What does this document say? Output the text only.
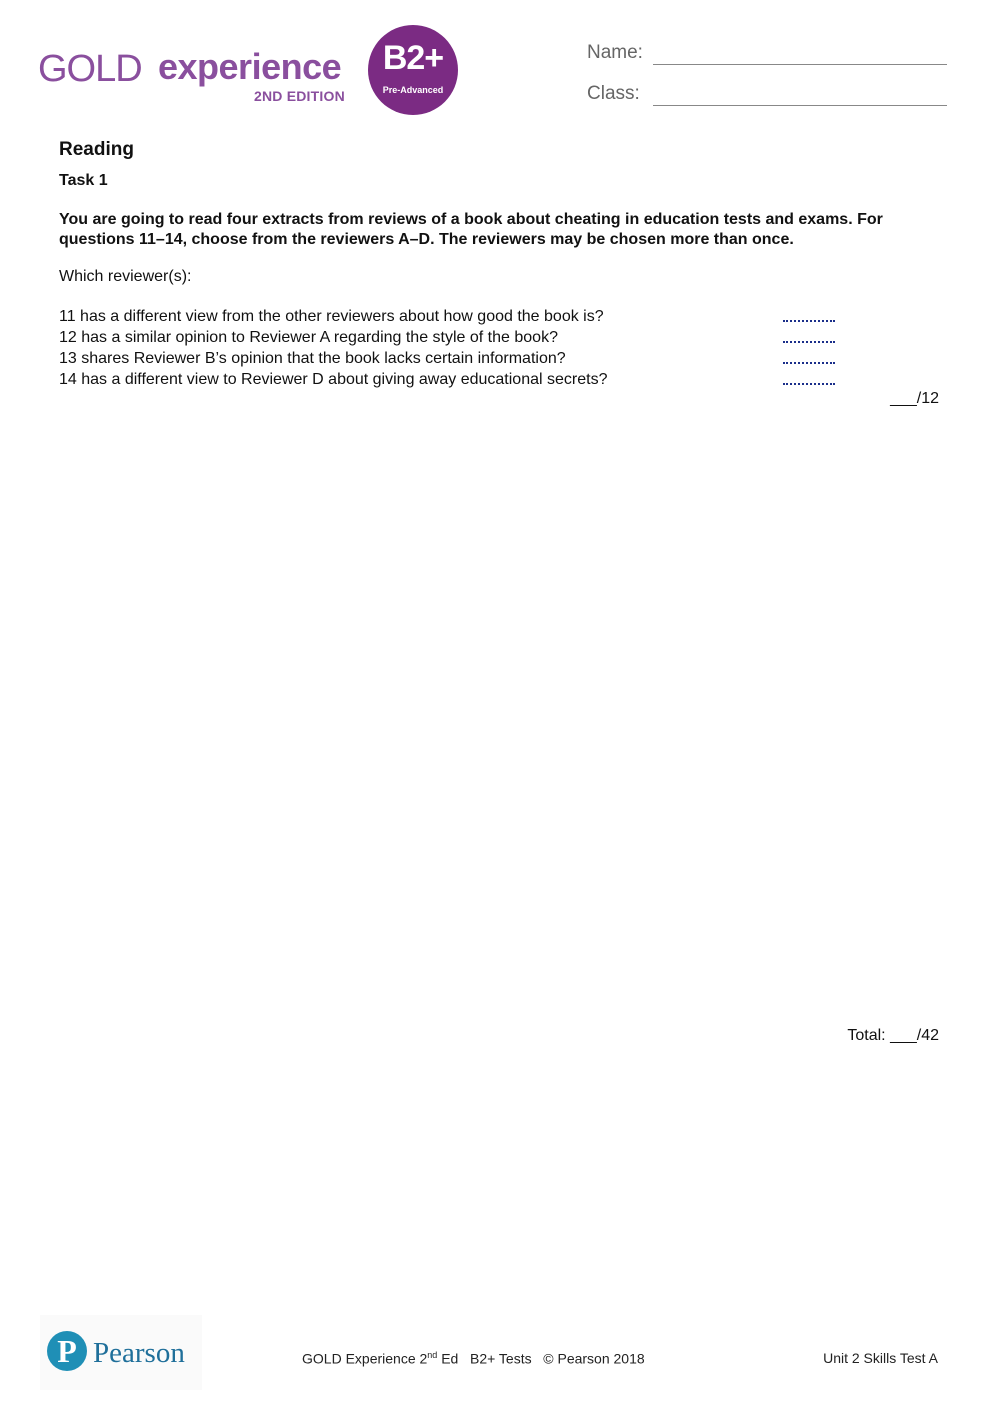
GOLD experience
2ND EDITION
B2+
Pre-Advanced
Name:
Class:
Reading
Task 1
You are going to read four extracts from reviews of a book about cheating in education tests and exams. For questions 11–14, choose from the reviewers A–D. The reviewers may be chosen more than once.
Which reviewer(s):
11 has a different view from the other reviewers about how good the book is?
12 has a similar opinion to Reviewer A regarding the style of the book?
13 shares Reviewer B’s opinion that the book lacks certain information?
14 has a different view to Reviewer D about giving away educational secrets?
___/12
Total: ___/42
P Pearson	GOLD Experience 2nd Ed   B2+ Tests   © Pearson 2018	Unit 2 Skills Test A
